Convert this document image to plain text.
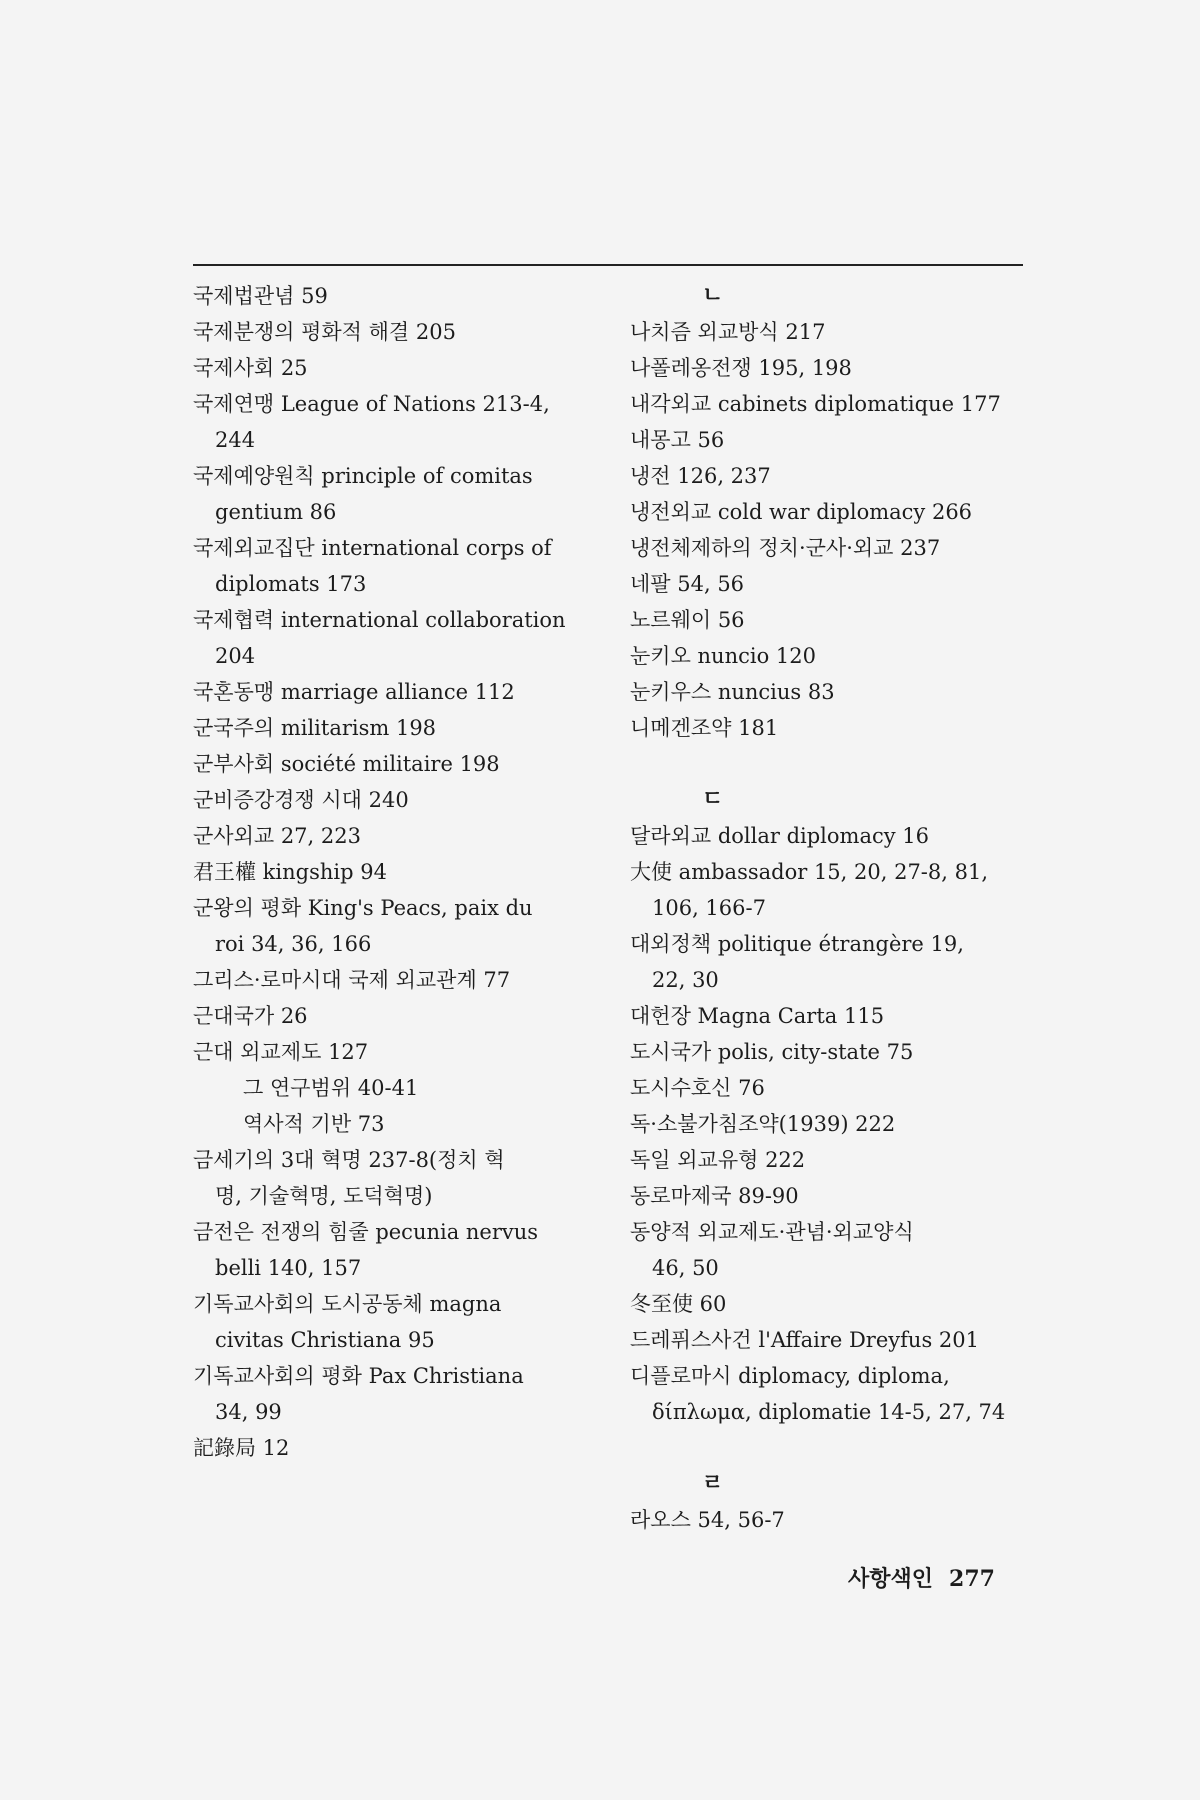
국제법관념 59
국제분쟁의 평화적 해결 205
국제사회 25
국제연맹 League of Nations 213-4,
244
국제예양원칙 principle of comitas
gentium 86
국제외교집단 international corps of
diplomats 173
국제협력 international collaboration
204
국혼동맹 marriage alliance 112
군국주의 militarism 198
군부사회 société militaire 198
군비증강경쟁 시대 240
군사외교 27, 223
君王權 kingship 94
군왕의 평화 King's Peacs, paix du
roi 34, 36, 166
그리스·로마시대 국제 외교관계 77
근대국가 26
근대 외교제도 127
그 연구범위 40-41
역사적 기반 73
금세기의 3대 혁명 237-8(정치 혁
명, 기술혁명, 도덕혁명)
금전은 전쟁의 힘줄 pecunia nervus
belli 140, 157
기독교사회의 도시공동체 magna
civitas Christiana 95
기독교사회의 평화 Pax Christiana
34, 99
記錄局 12
ㄴ
나치즘 외교방식 217
나폴레옹전쟁 195, 198
내각외교 cabinets diplomatique 177
내몽고 56
냉전 126, 237
냉전외교 cold war diplomacy 266
냉전체제하의 정치·군사·외교 237
네팔 54, 56
노르웨이 56
눈키오 nuncio 120
눈키우스 nuncius 83
니메겐조약 181
ㄷ
달라외교 dollar diplomacy 16
大使 ambassador 15, 20, 27-8, 81,
106, 166-7
대외정책 politique étrangère 19,
22, 30
대헌장 Magna Carta 115
도시국가 polis, city-state 75
도시수호신 76
독·소불가침조약(1939) 222
독일 외교유형 222
동로마제국 89-90
동양적 외교제도·관념·외교양식
46, 50
冬至使 60
드레퓌스사건 l'Affaire Dreyfus 201
디플로마시 diplomacy, diploma,
δίπλωμα, diplomatie 14-5, 27, 74
ㄹ
라오스 54, 56-7
사항색인 277
